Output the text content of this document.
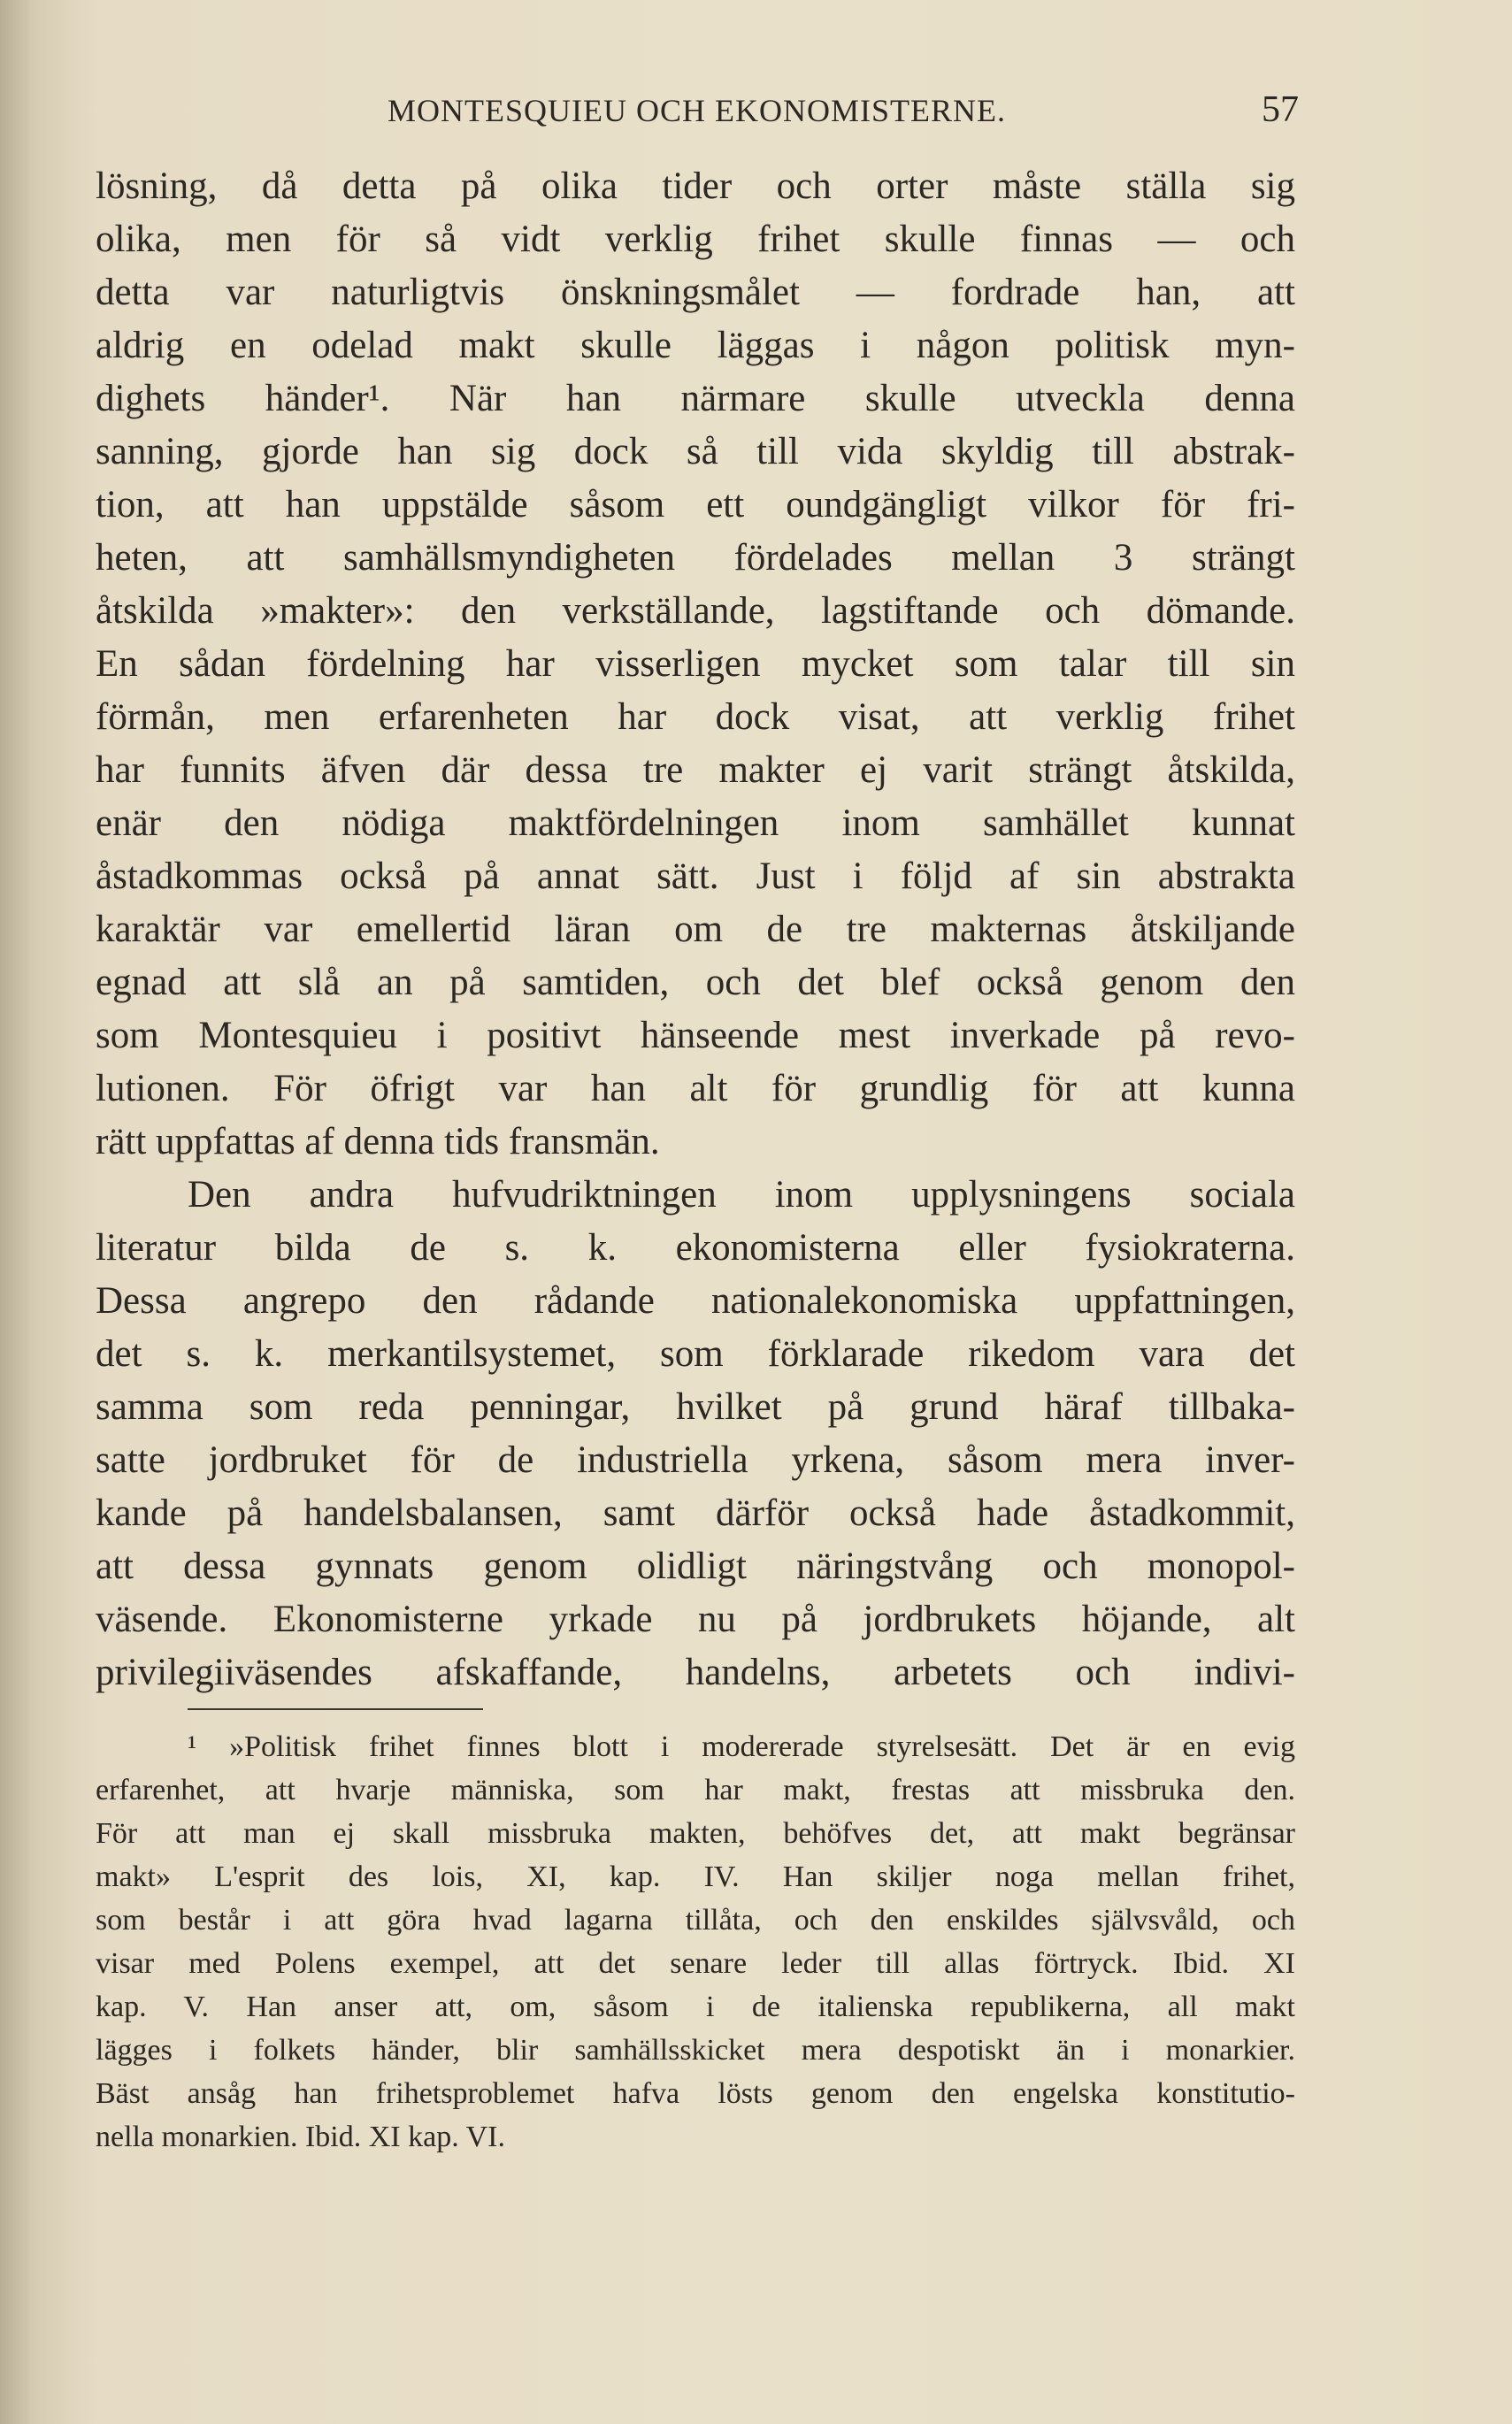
MONTESQUIEU OCH EKONOMISTERNE.	57
lösning, då detta på olika tider och orter måste ställa sig
olika, men för så vidt verklig frihet skulle finnas — och
detta var naturligtvis önskningsmålet — fordrade han, att
aldrig en odelad makt skulle läggas i någon politisk myn-
dighets händer¹. När han närmare skulle utveckla denna
sanning, gjorde han sig dock så till vida skyldig till abstrak-
tion, att han uppstälde såsom ett oundgängligt vilkor för fri-
heten, att samhällsmyndigheten fördelades mellan 3 strängt
åtskilda »makter»: den verkställande, lagstiftande och dömande.
En sådan fördelning har visserligen mycket som talar till sin
förmån, men erfarenheten har dock visat, att verklig frihet
har funnits äfven där dessa tre makter ej varit strängt åtskilda,
enär den nödiga maktfördelningen inom samhället kunnat
åstadkommas också på annat sätt. Just i följd af sin abstrakta
karaktär var emellertid läran om de tre makternas åtskiljande
egnad att slå an på samtiden, och det blef också genom den
som Montesquieu i positivt hänseende mest inverkade på revo-
lutionen. För öfrigt var han alt för grundlig för att kunna
rätt uppfattas af denna tids fransmän.
Den andra hufvudriktningen inom upplysningens sociala
literatur bilda de s. k. ekonomisterna eller fysiokraterna.
Dessa angrepo den rådande nationalekonomiska uppfattningen,
det s. k. merkantilsystemet, som förklarade rikedom vara det
samma som reda penningar, hvilket på grund häraf tillbaka-
satte jordbruket för de industriella yrkena, såsom mera inver-
kande på handelsbalansen, samt därför också hade åstadkommit,
att dessa gynnats genom olidligt näringstvång och monopol-
väsende. Ekonomisterne yrkade nu på jordbrukets höjande, alt
privilegiiväsendes afskaffande, handelns, arbetets och indivi-
¹ »Politisk frihet finnes blott i modererade styrelsesätt. Det är en evig
erfarenhet, att hvarje människa, som har makt, frestas att missbruka den.
För att man ej skall missbruka makten, behöfves det, att makt begränsar
makt» L'esprit des lois, XI, kap. IV. Han skiljer noga mellan frihet,
som består i att göra hvad lagarna tillåta, och den enskildes självsvåld, och
visar med Polens exempel, att det senare leder till allas förtryck. Ibid. XI
kap. V. Han anser att, om, såsom i de italienska republikerna, all makt
lägges i folkets händer, blir samhällsskicket mera despotiskt än i monarkier.
Bäst ansåg han frihetsproblemet hafva lösts genom den engelska konstitutio-
nella monarkien. Ibid. XI kap. VI.
